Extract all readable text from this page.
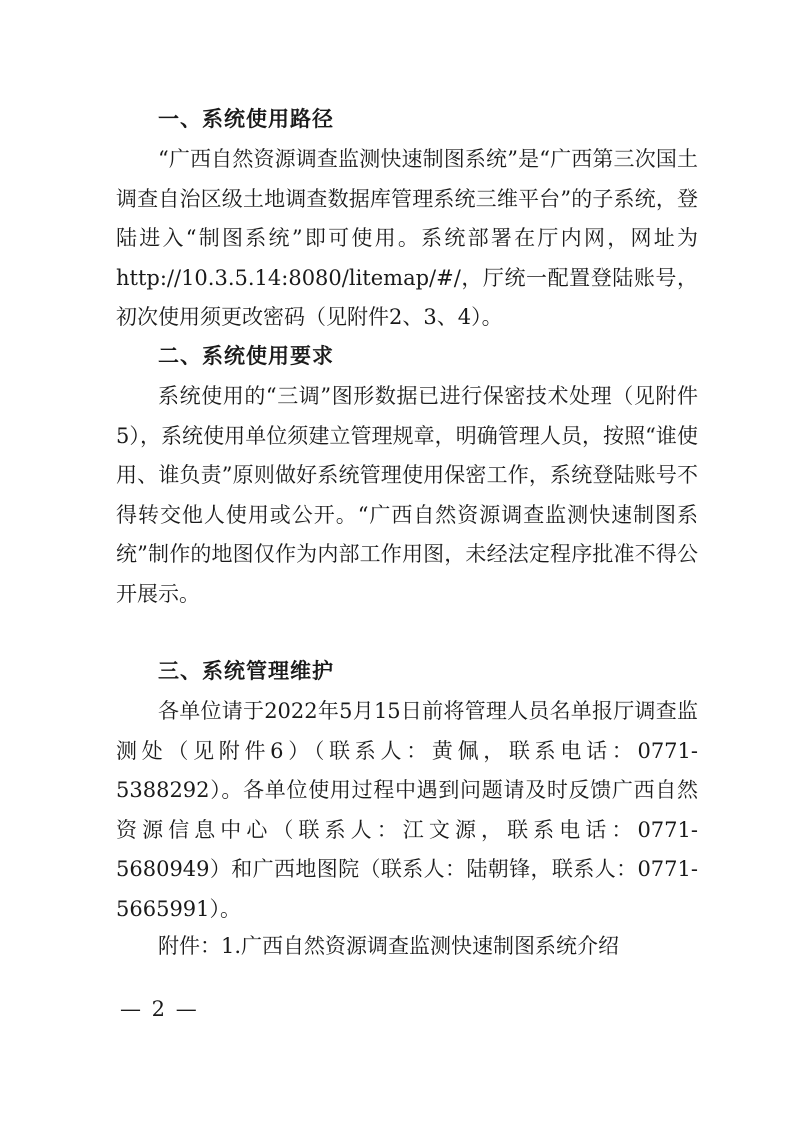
一、系统使用路径

“广西自然资源调查监测快速制图系统”是“广西第三次国土调查自治区级土地调查数据库管理系统三维平台”的子系统，登陆进入“制图系统”即可使用。系统部署在厅内网，网址为http://10.3.5.14:8080/litemap/#/，厅统一配置登陆账号，初次使用须更改密码（见附件2、3、4）。

二、系统使用要求

系统使用的“三调”图形数据已进行保密技术处理（见附件5），系统使用单位须建立管理规章，明确管理人员，按照“谁使用、谁负责”原则做好系统管理使用保密工作，系统登陆账号不得转交他人使用或公开。“广西自然资源调查监测快速制图系统”制作的地图仅作为内部工作用图，未经法定程序批准不得公开展示。

三、系统管理维护

各单位请于2022年5月15日前将管理人员名单报厅调查监测处（见附件6）（联系人：黄佩，联系电话：0771-5388292）。各单位使用过程中遇到问题请及时反馈广西自然资源信息中心（联系人：江文源，联系电话：0771-5680949）和广西地图院（联系人：陆朝锋，联系人：0771-5665991）。

附件：1.广西自然资源调查监测快速制图系统介绍
— 2 —
